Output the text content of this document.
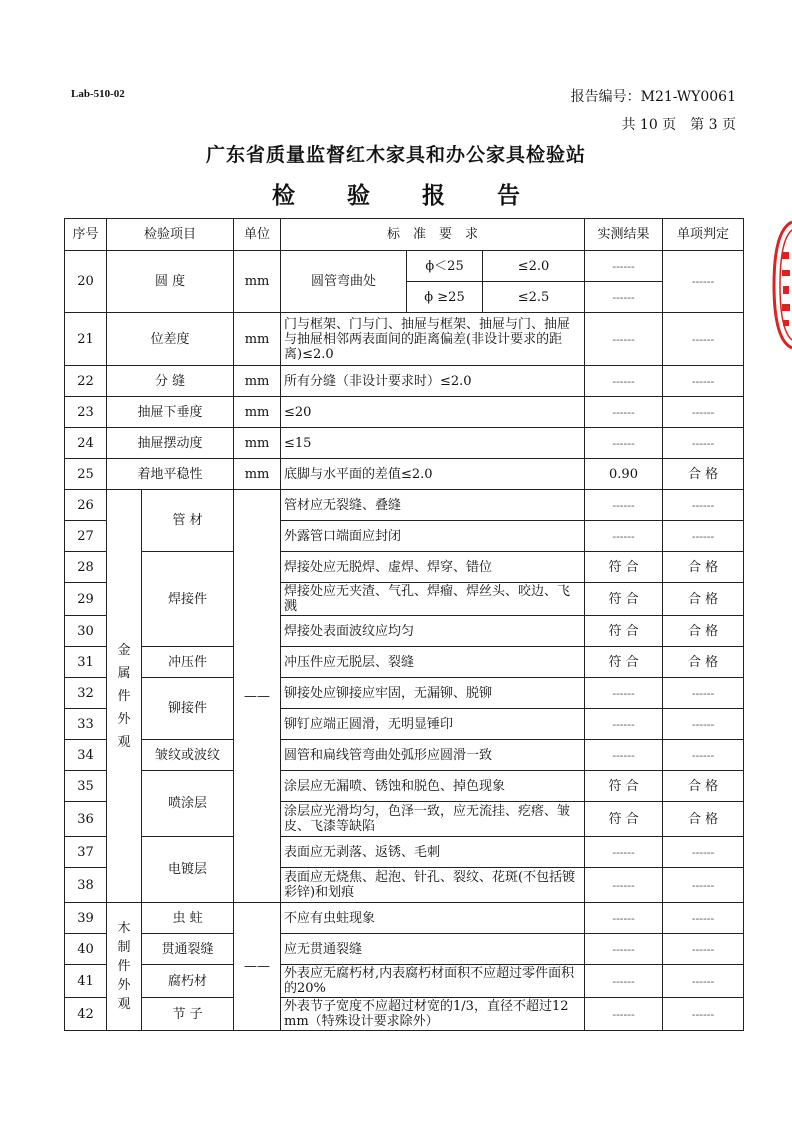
Lab-510-02	报告编号：M21-WY0061
共 10 页　第 3 页
广东省质量监督红木家具和办公家具检验站
检 验 报 告
序号	检验项目		单位	标　准　要　求			实测结果	单项判定
20	圆 度		mm	圆管弯曲处	ϕ＜25	≤2.0	------	------
					ϕ ≥25	≤2.5	------	
21	位差度		mm	门与框架、门与门、抽屉与框架、抽屉与门、抽屉与抽屉相邻两表面间的距离偏差(非设计要求的距离)≤2.0			------	------
22	分 缝		mm	所有分缝（非设计要求时）≤2.0			------	------
23	抽屉下垂度		mm	≤20			------	------
24	抽屉摆动度		mm	≤15			------	------
25	着地平稳性		mm	底脚与水平面的差值≤2.0			0.90	合 格
26	金属件外观	管 材	——	管材应无裂缝、叠缝			------	------
27				外露管口端面应封闭			------	------
28		焊接件		焊接处应无脱焊、虚焊、焊穿、错位			符 合	合 格
29				焊接处应无夹渣、气孔、焊瘤、焊丝头、咬边、飞溅			符 合	合 格
30				焊接处表面波纹应均匀			符 合	合 格
31		冲压件		冲压件应无脱层、裂缝			符 合	合 格
32		铆接件		铆接处应铆接应牢固，无漏铆、脱铆			------	------
33				铆钉应端正圆滑，无明显锤印			------	------
34		皱纹或波纹		圆管和扁线管弯曲处弧形应圆滑一致			------	------
35		喷涂层		涂层应无漏喷、锈蚀和脱色、掉色现象			符 合	合 格
36				涂层应光滑均匀，色泽一致，应无流挂、疙瘩、皱皮、飞漆等缺陷			符 合	合 格
37		电镀层		表面应无剥落、返锈、毛刺			------	------
38				表面应无烧焦、起泡、针孔、裂纹、花斑(不包括镀彩锌)和划痕			------	------
39	木制件外观	虫 蛀	——	不应有虫蛀现象			------	------
40		贯通裂缝		应无贯通裂缝			------	------
41		腐朽材		外表应无腐朽材,内表腐朽材面积不应超过零件面积的20%			------	------
42		节 子		外表节子宽度不应超过材宽的1/3，直径不超过12 mm（特殊设计要求除外）			------	------
